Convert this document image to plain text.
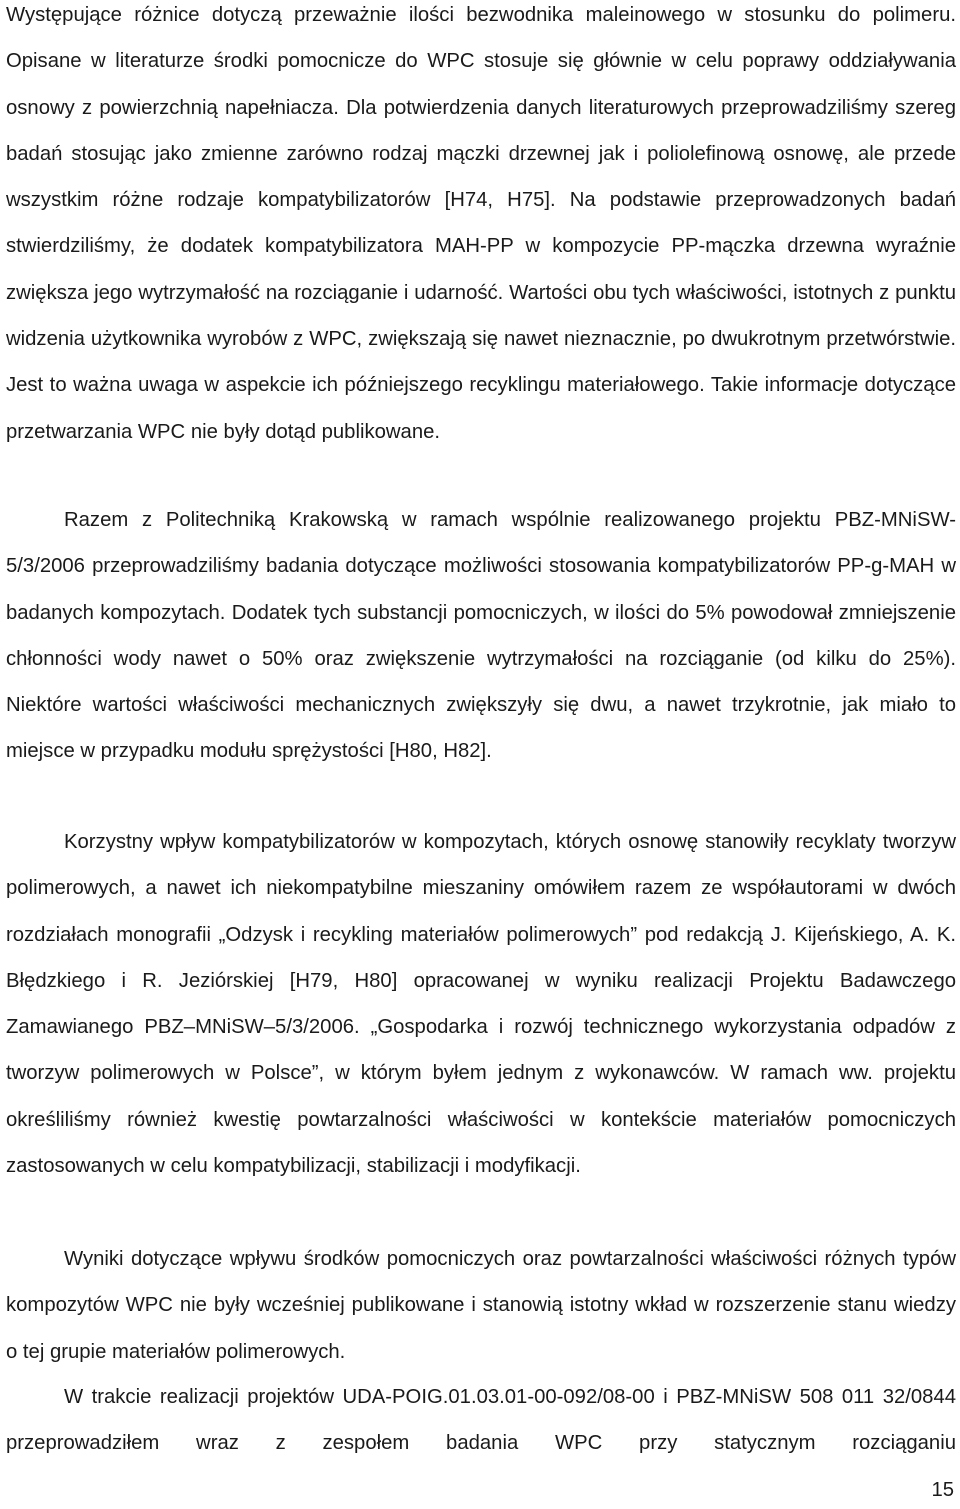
Występujące różnice dotyczą przeważnie ilości bezwodnika maleinowego w stosunku do polimeru. Opisane w literaturze środki pomocnicze do WPC stosuje się głównie w celu poprawy oddziaływania osnowy z powierzchnią napełniacza. Dla potwierdzenia danych literaturowych przeprowadziliśmy szereg badań stosując jako zmienne zarówno rodzaj mączki drzewnej jak i poliolefinową osnowę, ale przede wszystkim różne rodzaje kompatybilizatorów [H74, H75]. Na podstawie przeprowadzonych badań stwierdziliśmy, że dodatek kompatybilizatora MAH-PP w kompozycie PP-mączka drzewna wyraźnie zwiększa jego wytrzymałość na rozciąganie i udarność. Wartości obu tych właściwości, istotnych z punktu widzenia użytkownika wyrobów z WPC, zwiększają się nawet nieznacznie, po dwukrotnym przetwórstwie. Jest to ważna uwaga w aspekcie ich późniejszego recyklingu materiałowego. Takie informacje dotyczące przetwarzania WPC nie były dotąd publikowane.

Razem z Politechniką Krakowską w ramach wspólnie realizowanego projektu PBZ-MNiSW-5/3/2006 przeprowadziliśmy badania dotyczące możliwości stosowania kompatybilizatorów PP-g-MAH w badanych kompozytach. Dodatek tych substancji pomocniczych, w ilości do 5% powodował zmniejszenie chłonności wody nawet o 50% oraz zwiększenie wytrzymałości na rozciąganie (od kilku do 25%). Niektóre wartości właściwości mechanicznych zwiększyły się dwu, a nawet trzykrotnie, jak miało to miejsce w przypadku modułu sprężystości [H80, H82].

Korzystny wpływ kompatybilizatorów w kompozytach, których osnowę stanowiły recyklaty tworzyw polimerowych, a nawet ich niekompatybilne mieszaniny omówiłem razem ze współautorami w dwóch rozdziałach monografii „Odzysk i recykling materiałów polimerowych” pod redakcją J. Kijeńskiego, A. K. Błędzkiego i R. Jeziórskiej [H79, H80] opracowanej w wyniku realizacji Projektu Badawczego Zamawianego PBZ–MNiSW–5/3/2006. „Gospodarka i rozwój technicznego wykorzystania odpadów z tworzyw polimerowych w Polsce”, w którym byłem jednym z wykonawców. W ramach ww. projektu określiliśmy również kwestię powtarzalności właściwości w kontekście materiałów pomocniczych zastosowanych w celu kompatybilizacji, stabilizacji i modyfikacji.

Wyniki dotyczące wpływu środków pomocniczych oraz powtarzalności właściwości różnych typów kompozytów WPC nie były wcześniej publikowane i stanowią istotny wkład w rozszerzenie stanu wiedzy o tej grupie materiałów polimerowych.

W trakcie realizacji projektów UDA-POIG.01.03.01-00-092/08-00 i PBZ-MNiSW 508 011 32/0844 przeprowadziłem wraz z zespołem badania WPC przy statycznym rozciąganiu

15
